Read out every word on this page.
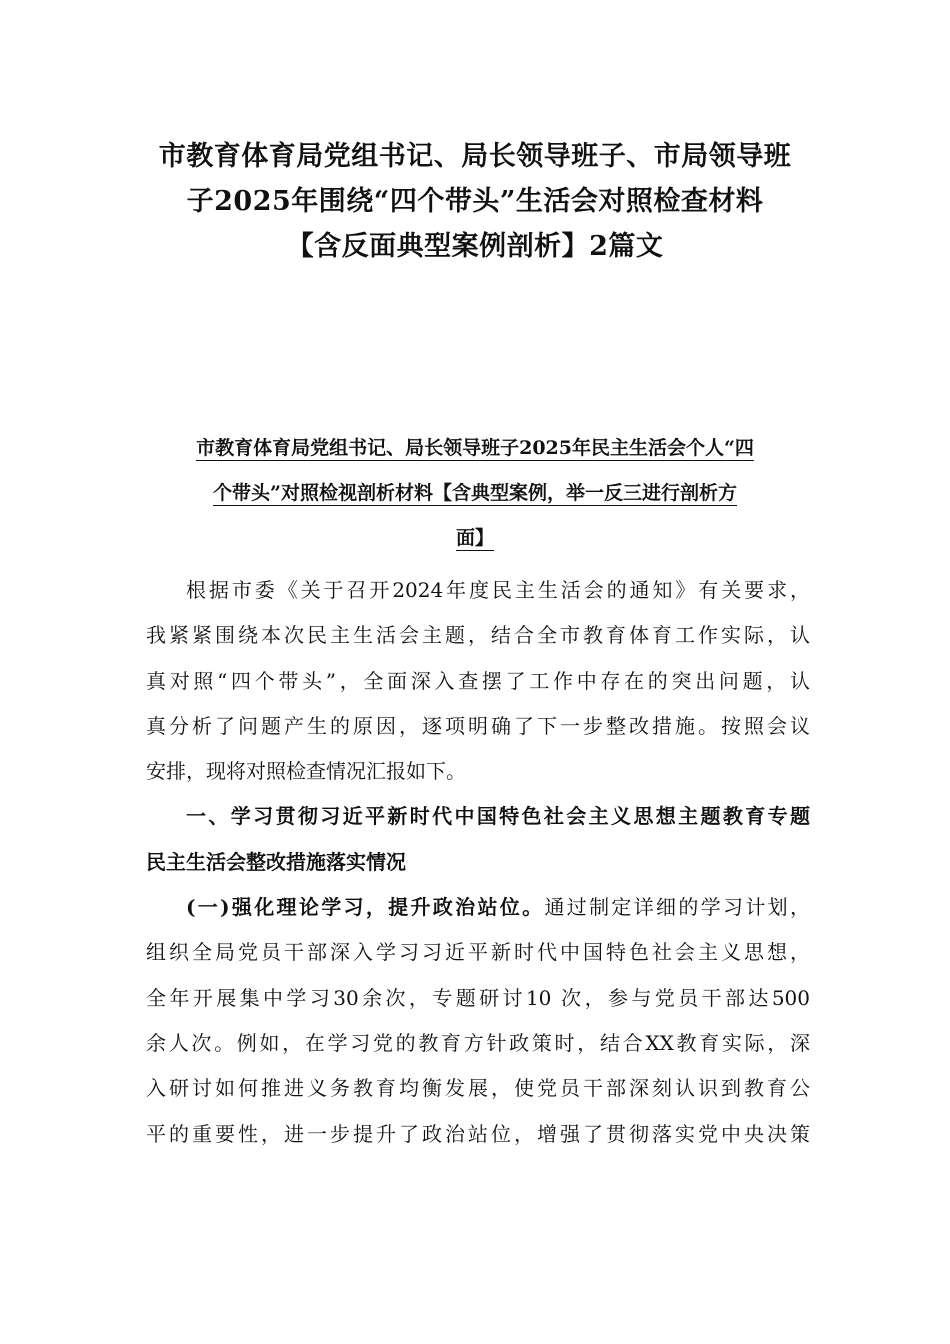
市教育体育局党组书记、局长领导班子、市局领导班
子2025年围绕“四个带头”生活会对照检查材料
【含反面典型案例剖析】2篇文
市教育体育局党组书记、局长领导班子2025年民主生活会个人“四
个带头”对照检视剖析材料【含典型案例，举一反三进行剖析方
面】
根据市委《关于召开2024年度民主生活会的通知》有关要求，
我紧紧围绕本次民主生活会主题，结合全市教育体育工作实际，认
真对照“四个带头”，全面深入查摆了工作中存在的突出问题，认
真分析了问题产生的原因，逐项明确了下一步整改措施。按照会议
安排，现将对照检查情况汇报如下。
一、学习贯彻习近平新时代中国特色社会主义思想主题教育专题
民主生活会整改措施落实情况
(一)强化理论学习，提升政治站位。通过制定详细的学习计划，
组织全局党员干部深入学习习近平新时代中国特色社会主义思想，
全年开展集中学习30余次，专题研讨10 次，参与党员干部达500
余人次。例如，在学习党的教育方针政策时，结合XX教育实际，深
入研讨如何推进义务教育均衡发展，使党员干部深刻认识到教育公
平的重要性，进一步提升了政治站位，增强了贯彻落实党中央决策
